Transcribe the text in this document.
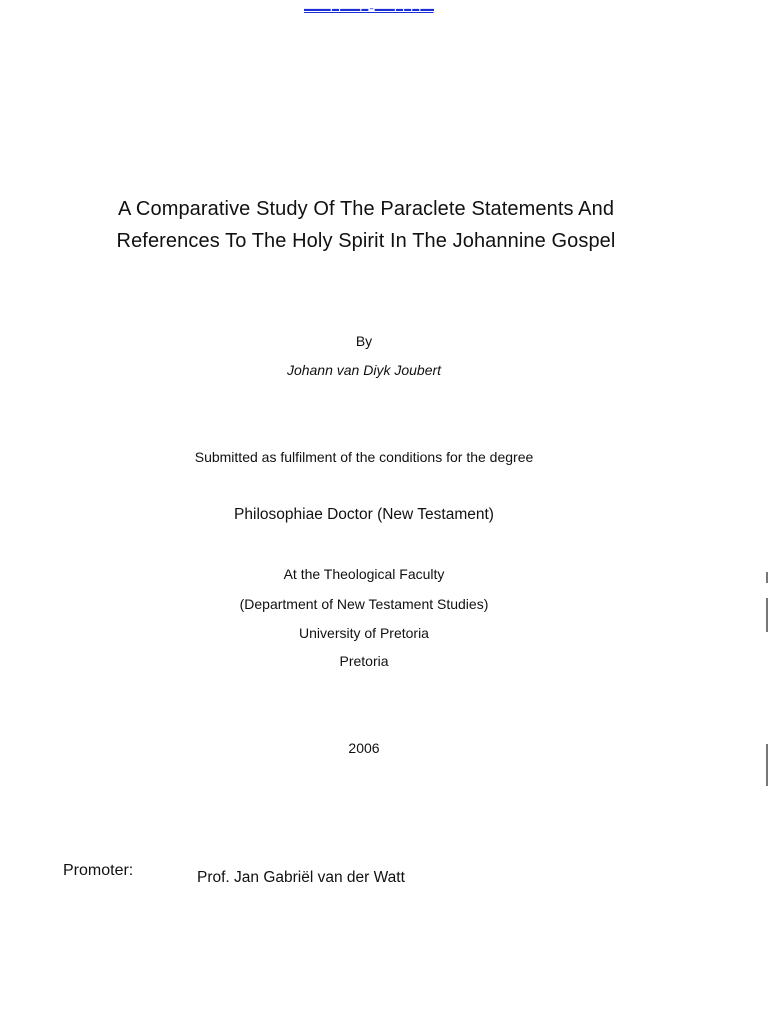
▬▬▬▬ ▬ ▬▬▬ ▬ – ▬▬▬ ▬ ▬ ▬ ▬▬
A Comparative Study Of The Paraclete Statements And References To The Holy Spirit In The Johannine Gospel
By
Johann van Diyk Joubert
Submitted as fulfilment of the conditions for the degree
Philosophiae Doctor (New Testament)
At the Theological Faculty
(Department of New Testament Studies)
University of Pretoria
Pretoria
2006
Promoter:	Prof. Jan Gabriël van der Watt
